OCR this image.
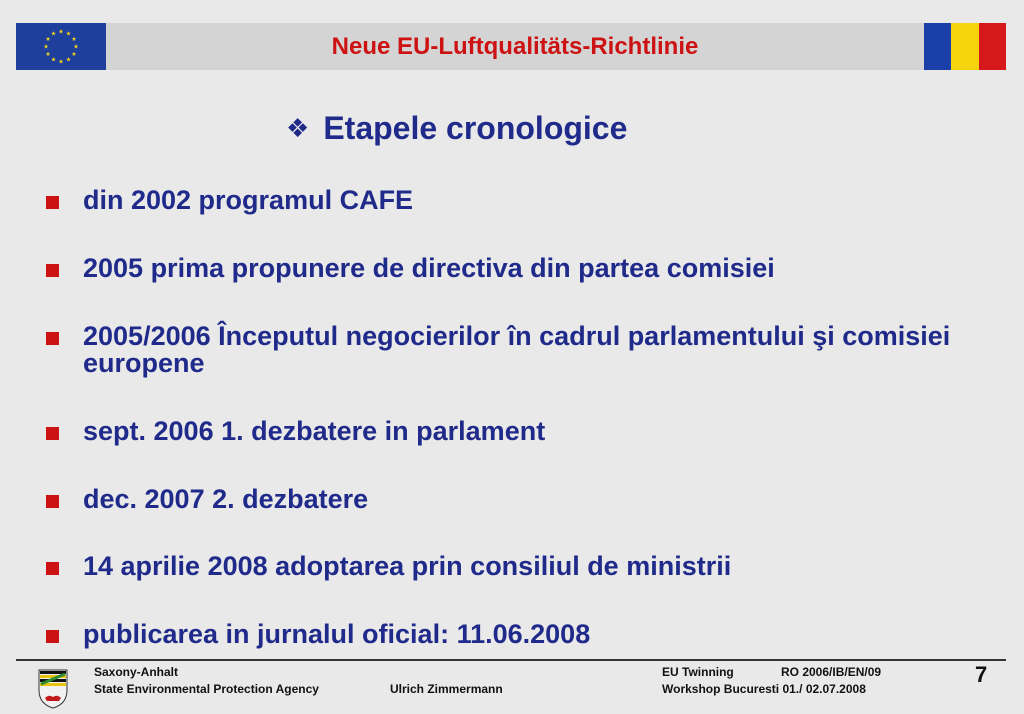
Neue EU-Luftqualitäts-Richtlinie
❖ Etapele cronologice
din 2002 programul CAFE
2005 prima propunere de directiva din partea comisiei
2005/2006 Începutul negocierilor în cadrul parlamentului şi comisiei europene
sept. 2006 1. dezbatere in parlament
dec. 2007 2. dezbatere
14 aprilie 2008 adoptarea prin consiliul de ministrii
publicarea in jurnalul oficial: 11.06.2008
Saxony-Anhalt
State Environmental Protection Agency	Ulrich Zimmermann
EU Twinning	RO 2006/IB/EN/09
Workshop Bucuresti 01./ 02.07.2008
7
